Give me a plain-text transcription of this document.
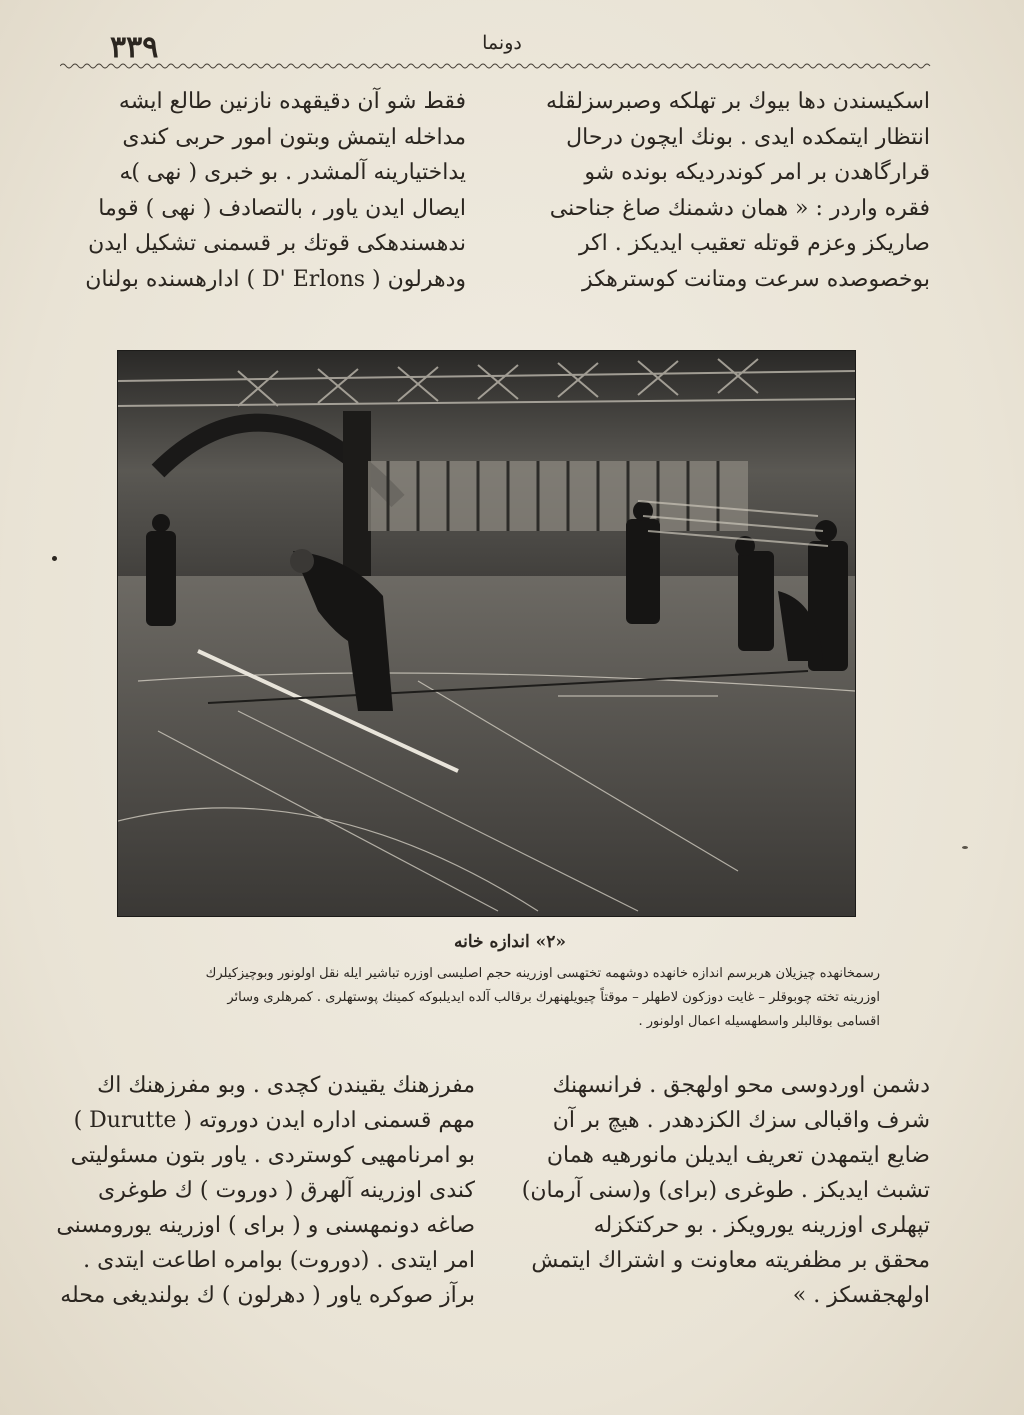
٣٣٩	دونما

اسكيسندن دها بيوك بر تهلكه وصبرسزلقله

انتظار ايتمكده ايدى . بونك ايچون درحال

قرارگاهدن بر امر كوندرديكه بونده شو

فقره واردر : « همان دشمنك صاغ جناحنى

صاريكز وعزم قوتله تعقيب ايديكز . اكر

بوخصوصده سرعت ومتانت كوسترهكز

فقط شو آن دقيقهده نازنين طالع ايشه

مداخله ايتمش وبتون امور حربى كندى

يداختيارينه آلمشدر . بو خبرى ( نهى )ﻪ

ايصال ايدن ياور ، بالتصادف ( نهى ) قوما

ندهسندهكى قوتك بر قسمنى تشكيل ايدن

ودهرلون ( D' Erlons ) ادارهسنده بولنان

«٢» اندازه خانه

رسمخانهده چيزيلان هربرسم اندازه خانهده دوشهمه تختهسى اوزرينه حجم اصليسى اوزره تباشير ايله نقل اولونور وبوچيزكيلرك

اوزرينه تخته چوبوقلر – غايت دوزكون لاطهلر – موقتاً چيويلهنهرك برقالب آلده ايديلبوكه كمينك پوستهلرى . كمرهلرى وسائر

اقسامى بوقالبلر واسطهسيله اعمال اولونور .

دشمن اوردوسى محو اولهجق . فرانسهنك

شرف واقبالى سزك الكزدهدر . هيچ بر آن

ضايع ايتمهدن تعريف ايديلن مانورهيه همان

تشبث ايديكز . طوغرى (براى) و(سنى آرمان)

تپهلرى اوزرينه يورويكز . بو حركتكزله

محقق بر مظفريته معاونت و اشتراك ايتمش

اولهجقسكز . »

مفرزهنك يقيندن كچدى . وبو مفرزهنك اك

مهم قسمنى اداره ايدن دوروته ( Durutte )

بو امرنامهيى كوستردى . ياور بتون مسئوليتى

كندى اوزرينه آلهرق ( دوروت ) ك طوغرى

صاغه دونمهسنى و ( براى ) اوزرينه يورومسنى

امر ايتدى . (دوروت) بوامره اطاعت ايتدى .

برآز صوكره ياور ( دهرلون ) ك بولنديغى محله
